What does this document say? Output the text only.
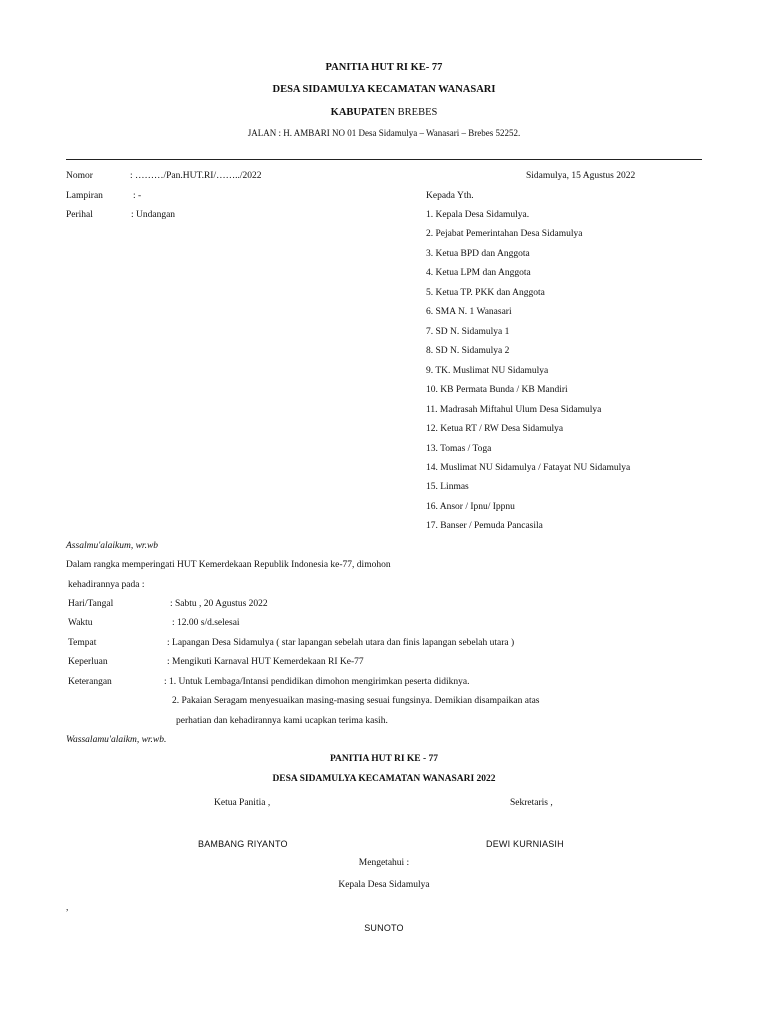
PANITIA HUT RI KE- 77
DESA SIDAMULYA KECAMATAN WANASARI
KABUPATEN BREBES
JALAN : H. AMBARI NO 01 Desa Sidamulya – Wanasari – Brebes 52252.
Nomor	: ………/Pan.HUT.RI/……../2022	Sidamulya, 15 Agustus 2022
Lampiran	: -
Perihal	: Undangan
Kepada Yth.
1. Kepala Desa Sidamulya.
2. Pejabat Pemerintahan Desa Sidamulya
3. Ketua BPD dan Anggota
4. Ketua LPM dan Anggota
5. Ketua TP. PKK dan Anggota
6. SMA N. 1 Wanasari
7. SD N. Sidamulya 1
8. SD N. Sidamulya 2
9. TK. Muslimat NU Sidamulya
10. KB Permata Bunda / KB Mandiri
11. Madrasah Miftahul Ulum Desa Sidamulya
12. Ketua RT / RW Desa Sidamulya
13. Tomas / Toga
14. Muslimat NU Sidamulya / Fatayat NU Sidamulya
15. Linmas
16. Ansor / Ipnu/ Ippnu
17. Banser / Pemuda Pancasila
Assalmu'alaikum, wr.wb
Dalam rangka memperingati HUT Kemerdekaan Republik Indonesia ke-77, dimohon
kehadirannya pada :
Hari/Tangal	: Sabtu , 20 Agustus 2022
Waktu	: 12.00 s/d.selesai
Tempat	: Lapangan Desa Sidamulya ( star lapangan sebelah utara dan finis lapangan sebelah utara )
Keperluan	: Mengikuti Karnaval HUT Kemerdekaan RI Ke-77
Keterangan	: 1. Untuk Lembaga/Intansi pendidikan dimohon mengirimkan peserta didiknya.
2. Pakaian Seragam menyesuaikan masing-masing sesuai fungsinya. Demikian disampaikan atas
perhatian dan kehadirannya kami ucapkan terima kasih.
Wassalamu'alaikm, wr.wb.
PANITIA HUT RI KE - 77
DESA SIDAMULYA KECAMATAN WANASARI 2022
Ketua Panitia ,	Sekretaris ,
BAMBANG RIYANTO	DEWI KURNIASIH
Mengetahui :
Kepala Desa Sidamulya
,
SUNOTO
